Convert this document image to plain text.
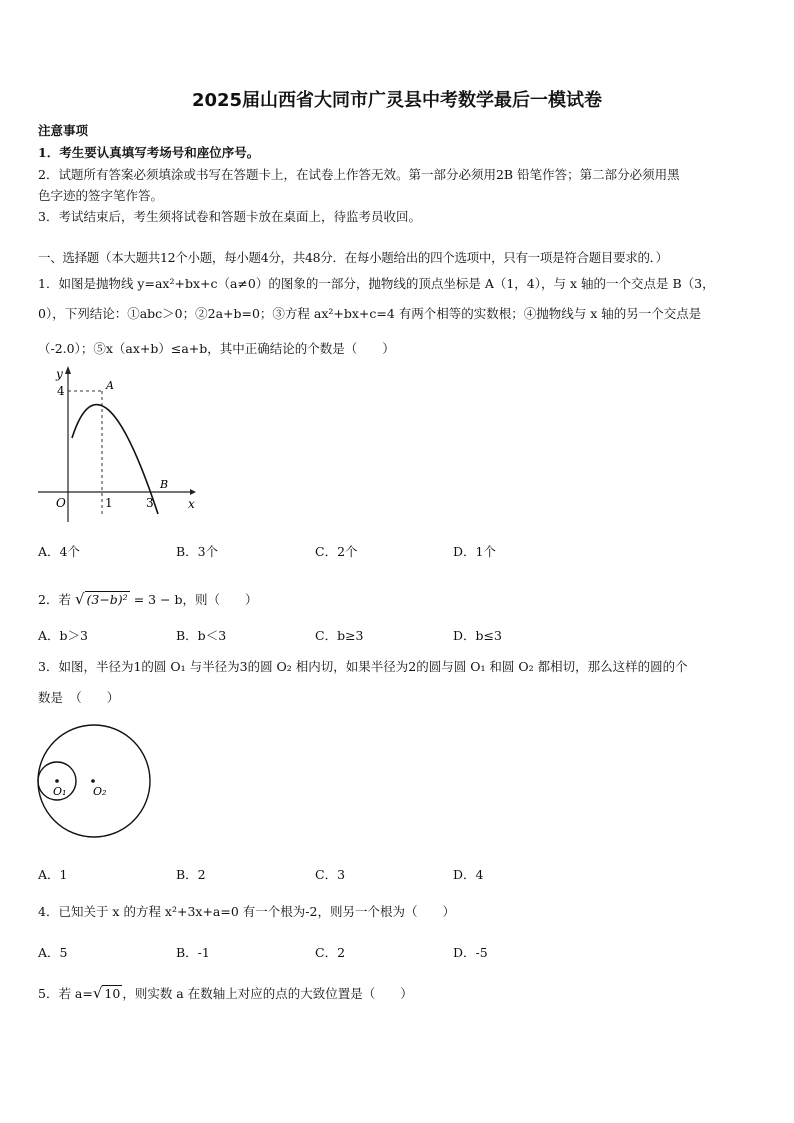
2025届山西省大同市广灵县中考数学最后一模试卷
注意事项
1．考生要认真填写考场号和座位序号。
2．试题所有答案必须填涂或书写在答题卡上，在试卷上作答无效。第一部分必须用2B 铅笔作答；第二部分必须用黑
色字迹的签字笔作答。
3．考试结束后，考生须将试卷和答题卡放在桌面上，待监考员收回。
一、选择题（本大题共12个小题，每小题4分，共48分．在每小题给出的四个选项中，只有一项是符合题目要求的．）
1．如图是抛物线 y=ax²+bx+c（a≠0）的图象的一部分，抛物线的顶点坐标是 A（1，4），与 x 轴的一个交点是 B（3，
0），下列结论：①abc＞0；②2a+b=0；③方程 ax²+bx+c=4 有两个相等的实数根；④抛物线与 x 轴的另一个交点是
（-2.0）；⑤x（ax+b）≤a+b，其中正确结论的个数是（　　）
y
x
O
A
B
4
1	3
A．4个	B．3个	C．2个	D．1个
2．若 √ (3−b)² = 3 − b，则（　　）
A．b＞3	B．b＜3	C．b≥3	D．b≤3
3．如图，半径为1的圆 O₁ 与半径为3的圆 O₂ 相内切，如果半径为2的圆与圆 O₁ 和圆 O₂ 都相切，那么这样的圆的个
数是　（　　）
O₁ O₂
A．1	B．2	C．3	D．4
4．已知关于 x 的方程 x²+3x+a=0 有一个根为-2，则另一个根为（　　）
A．5	B．-1	C．2	D．-5
5．若 a=√ 10 ，则实数 a 在数轴上对应的点的大致位置是（　　）
